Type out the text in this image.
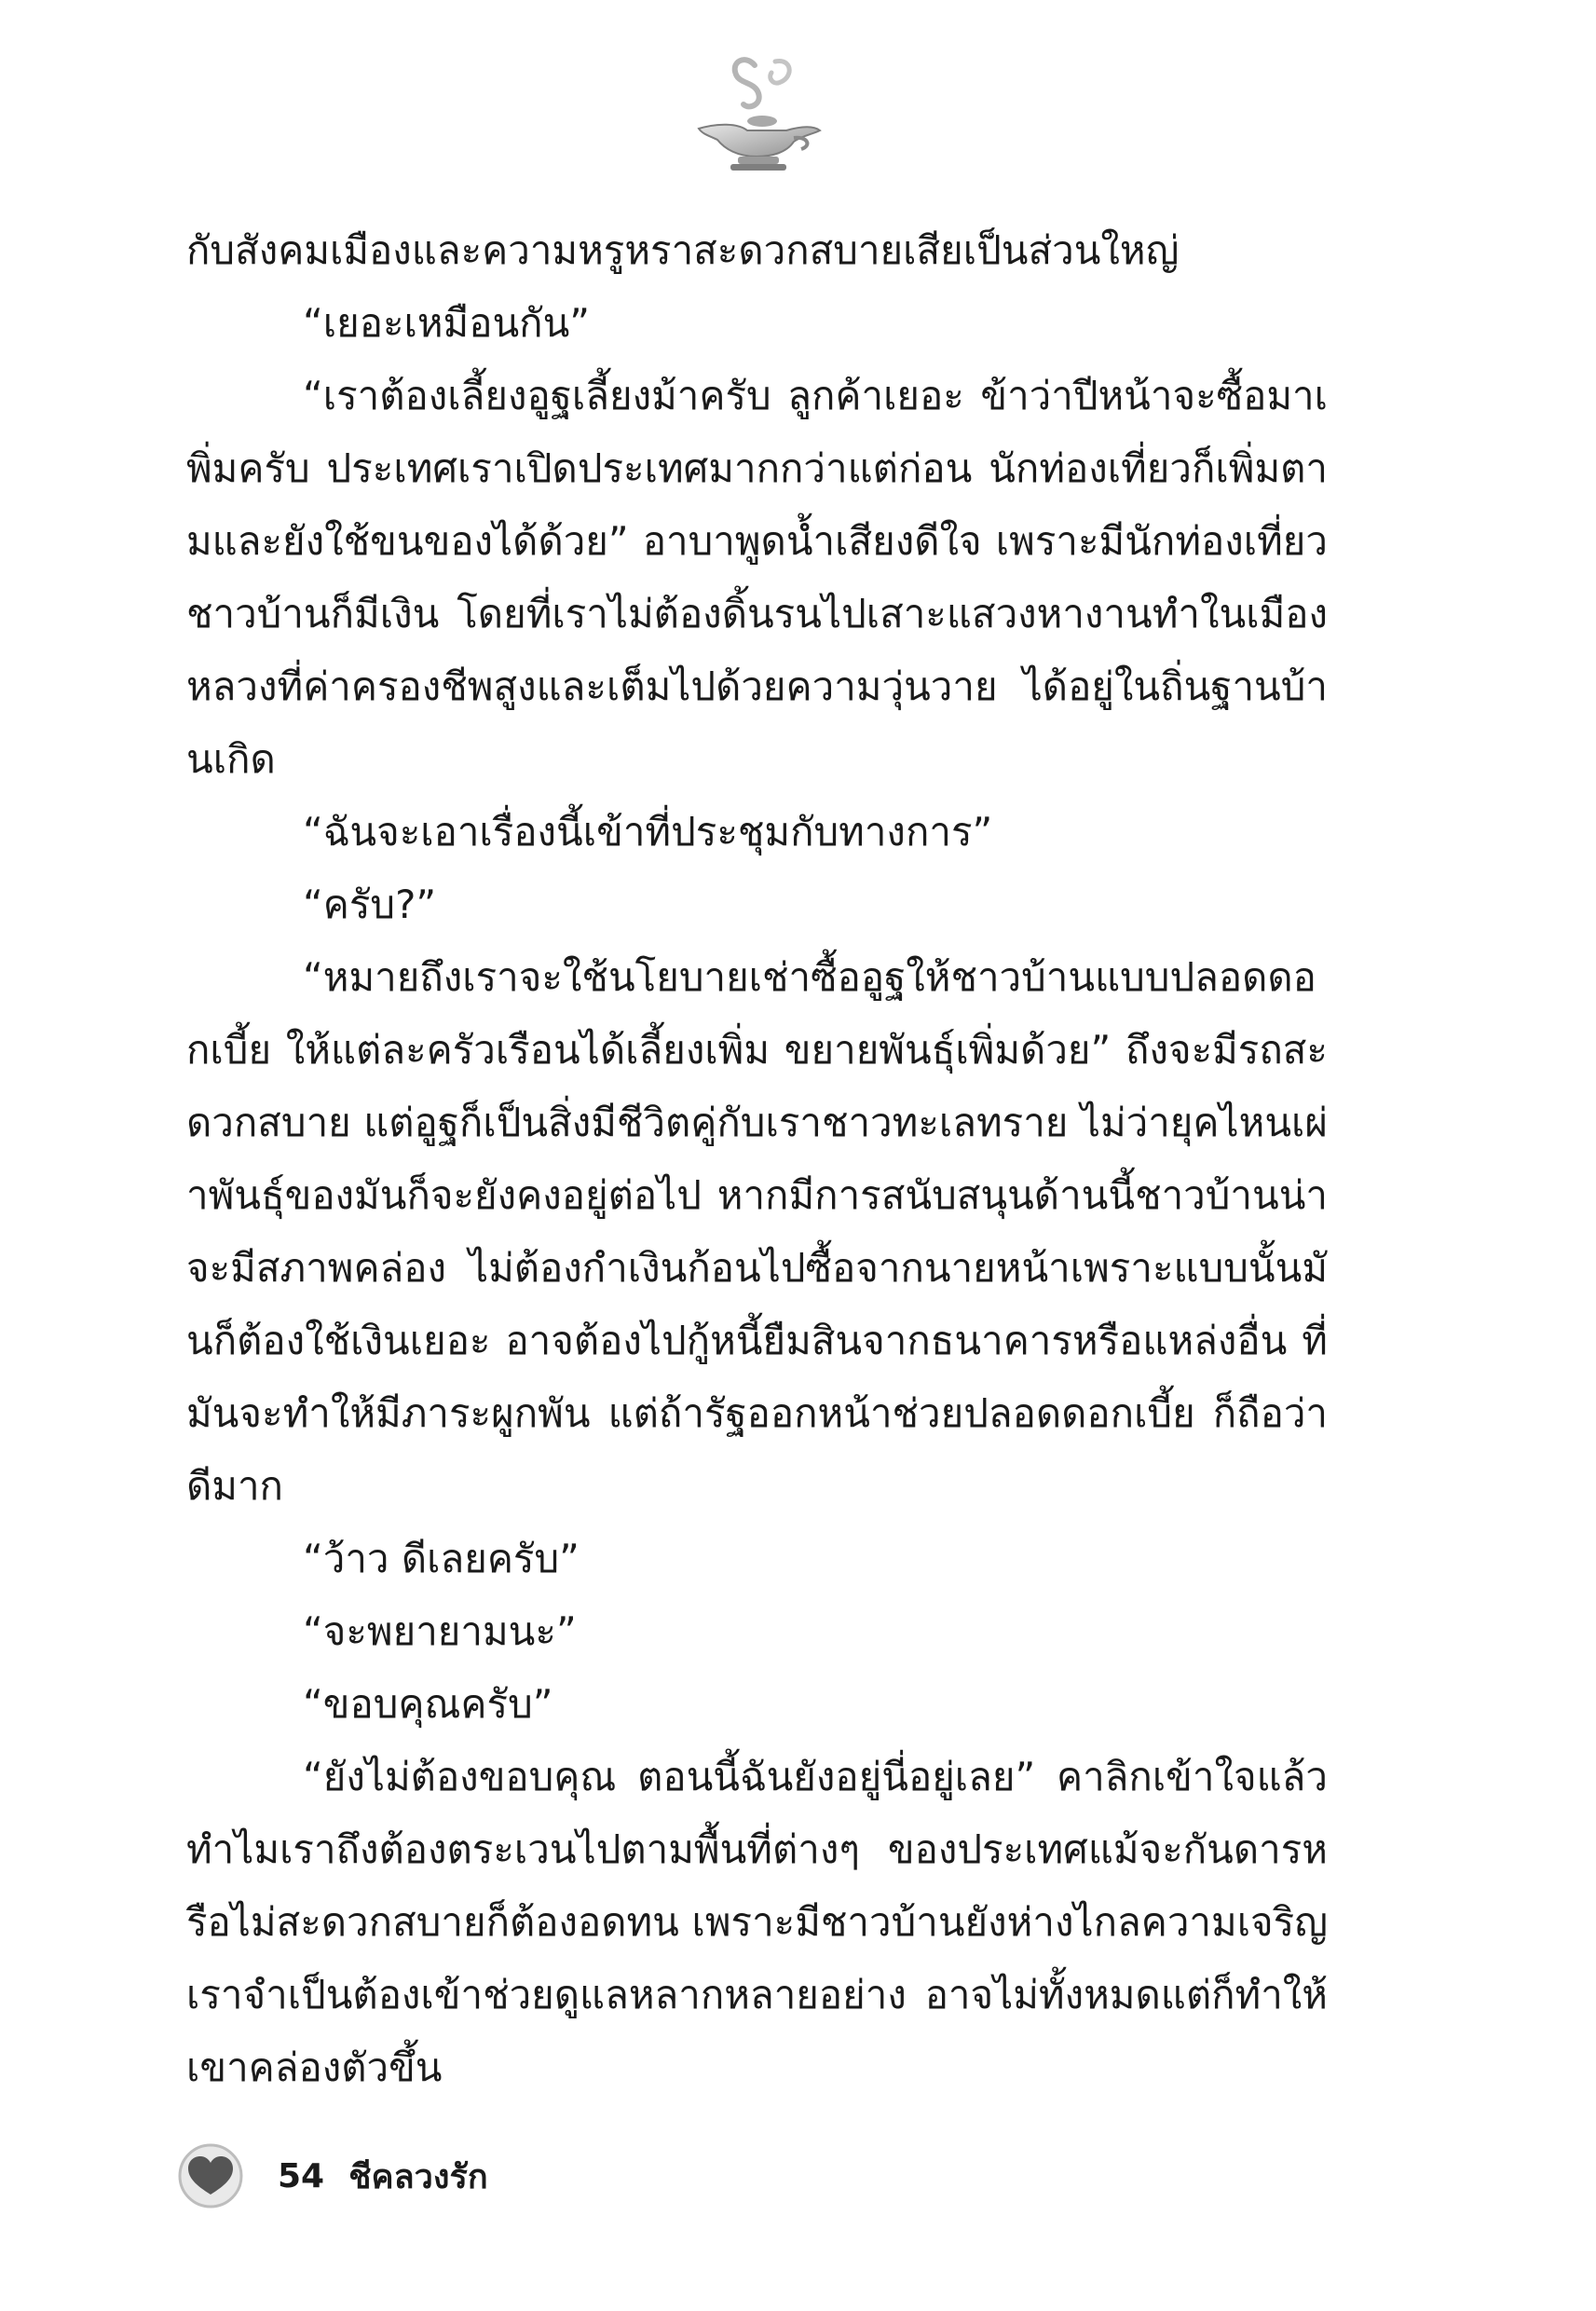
กับสังคมเมืองและความหรูหราสะดวกสบายเสียเป็นส่วนใหญ่

“เยอะเหมือนกัน”

“เราต้องเลี้ยงอูฐเลี้ยงม้าครับ ลูกค้าเยอะ ข้าว่าปีหน้าจะซื้อมาเพิ่มครับ ประเทศเราเปิดประเทศมากกว่าแต่ก่อน นักท่องเที่ยวก็เพิ่มตามและยังใช้ขนของได้ด้วย” อาบาพูดน้ำเสียงดีใจ เพราะมีนักท่องเที่ยวชาวบ้านก็มีเงิน โดยที่เราไม่ต้องดิ้นรนไปเสาะแสวงหางานทำในเมืองหลวงที่ค่าครองชีพสูงและเต็มไปด้วยความวุ่นวาย ได้อยู่ในถิ่นฐานบ้านเกิด

“ฉันจะเอาเรื่องนี้เข้าที่ประชุมกับทางการ”

“ครับ?”

“หมายถึงเราจะใช้นโยบายเช่าซื้ออูฐให้ชาวบ้านแบบปลอดดอกเบี้ย ให้แต่ละครัวเรือนได้เลี้ยงเพิ่ม ขยายพันธุ์เพิ่มด้วย” ถึงจะมีรถสะดวกสบาย แต่อูฐก็เป็นสิ่งมีชีวิตคู่กับเราชาวทะเลทราย ไม่ว่ายุคไหนเผ่าพันธุ์ของมันก็จะยังคงอยู่ต่อไป หากมีการสนับสนุนด้านนี้ชาวบ้านน่าจะมีสภาพคล่อง ไม่ต้องกำเงินก้อนไปซื้อจากนายหน้าเพราะแบบนั้นมันก็ต้องใช้เงินเยอะ อาจต้องไปกู้หนี้ยืมสินจากธนาคารหรือแหล่งอื่น ที่มันจะทำให้มีภาระผูกพัน แต่ถ้ารัฐออกหน้าช่วยปลอดดอกเบี้ย ก็ถือว่าดีมาก

“ว้าว ดีเลยครับ”

“จะพยายามนะ”

“ขอบคุณครับ”

“ยังไม่ต้องขอบคุณ ตอนนี้ฉันยังอยู่นี่อยู่เลย” คาลิกเข้าใจแล้วทำไมเราถึงต้องตระเวนไปตามพื้นที่ต่างๆ ของประเทศแม้จะกันดารหรือไม่สะดวกสบายก็ต้องอดทน เพราะมีชาวบ้านยังห่างไกลความเจริญเราจำเป็นต้องเข้าช่วยดูแลหลากหลายอย่าง อาจไม่ทั้งหมดแต่ก็ทำให้เขาคล่องตัวขึ้น

54 ชีคลวงรัก
